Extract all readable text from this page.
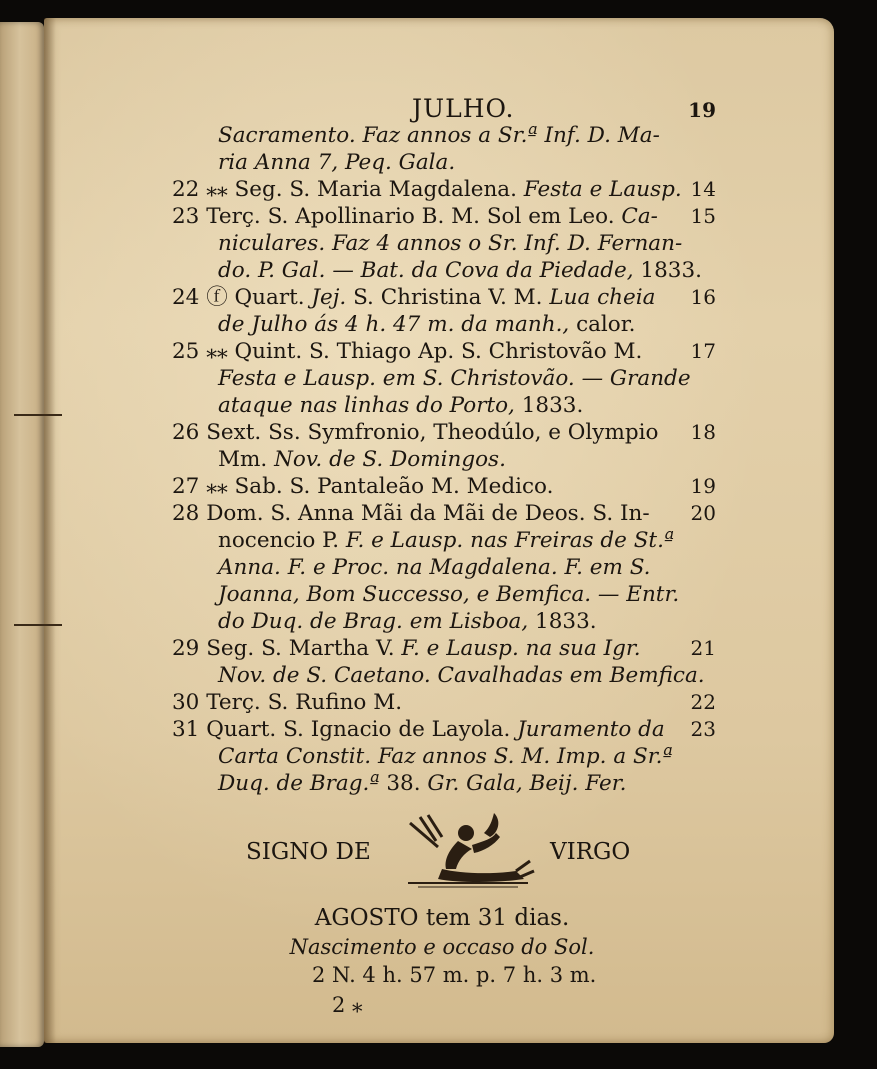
JULHO.	19
Sacramento. Faz annos a Sr.ª Inf. D. Ma-
ria Anna 7, Peq. Gala.
22 ⁎⁎ Seg. S. Maria Magdalena. Festa e Lausp. 14
23 Terç. S. Apollinario B. M. Sol em Leo. Ca- 15
niculares. Faz 4 annos o Sr. Inf. D. Fernan-
do. P. Gal. — Bat. da Cova da Piedade, 1833.
24 ⓕ Quart. Jej. S. Christina V. M. Lua cheia 16
de Julho ás 4 h. 47 m. da manh., calor.
25 ⁎⁎ Quint. S. Thiago Ap. S. Christovão M. 17
Festa e Lausp. em S. Christovão. — Grande
ataque nas linhas do Porto, 1833.
26 Sext. Ss. Symfronio, Theodúlo, e Olympio 18
Mm. Nov. de S. Domingos.
27 ⁎⁎ Sab. S. Pantaleão M. Medico.	19
28 Dom. S. Anna Mãi da Mãi de Deos. S. In- 20
nocencio P. F. e Lausp. nas Freiras de St.ª
Anna. F. e Proc. na Magdalena. F. em S.
Joanna, Bom Successo, e Bemfica. — Entr.
do Duq. de Brag. em Lisboa, 1833.
29 Seg. S. Martha V. F. e Lausp. na sua Igr. 21
Nov. de S. Caetano. Cavalhadas em Bemfica.
30 Terç. S. Rufino M.	22
31 Quart. S. Ignacio de Layola. Juramento da 23
Carta Constit. Faz annos S. M. Imp. a Sr.ª
Duq. de Brag.ª 38. Gr. Gala, Beij. Fer.
SIGNO DE	VIRGO
AGOSTO tem 31 dias.
Nascimento e occaso do Sol.
2 N. 4 h. 57 m. p. 7 h. 3 m.
2 ⁎
